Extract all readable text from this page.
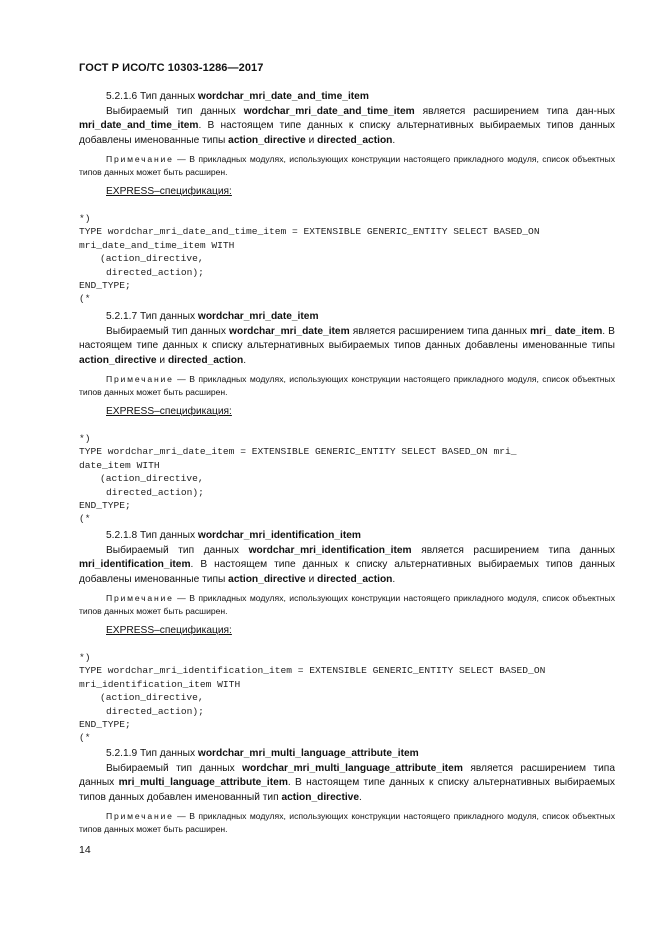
ГОСТ Р ИСО/ТС 10303-1286—2017

5.2.1.6 Тип данных wordchar_mri_date_and_time_item

Выбираемый тип данных wordchar_mri_date_and_time_item является расширением типа дан-ных mri_date_and_time_item. В настоящем типе данных к списку альтернативных выбираемых типов данных добавлены именованные типы action_directive и directed_action.

Примечание — В прикладных модулях, использующих конструкции настоящего прикладного модуля, список объектных типов данных может быть расширен.

EXPRESS–спецификация:

*)

TYPE wordchar_mri_date_and_time_item = EXTENSIBLE GENERIC_ENTITY SELECT BASED_ON

mri_date_and_time_item WITH

(action_directive,

directed_action);

END_TYPE;

(*

5.2.1.7 Тип данных wordchar_mri_date_item

Выбираемый тип данных wordchar_mri_date_item является расширением типа данных mri_ date_item. В настоящем типе данных к списку альтернативных выбираемых типов данных добавлены именованные типы action_directive и directed_action.

Примечание — В прикладных модулях, использующих конструкции настоящего прикладного модуля, список объектных типов данных может быть расширен.

EXPRESS–спецификация:

*)

TYPE wordchar_mri_date_item = EXTENSIBLE GENERIC_ENTITY SELECT BASED_ON mri_

date_item WITH

(action_directive,

directed_action);

END_TYPE;

(*

5.2.1.8 Тип данных wordchar_mri_identification_item

Выбираемый тип данных wordchar_mri_identification_item является расширением типа данных mri_identification_item. В настоящем типе данных к списку альтернативных выбираемых типов данных добавлены именованные типы action_directive и directed_action.

Примечание — В прикладных модулях, использующих конструкции настоящего прикладного модуля, список объектных типов данных может быть расширен.

EXPRESS–спецификация:

*)

TYPE wordchar_mri_identification_item = EXTENSIBLE GENERIC_ENTITY SELECT BASED_ON

mri_identification_item WITH

(action_directive,

directed_action);

END_TYPE;

(*

5.2.1.9 Тип данных wordchar_mri_multi_language_attribute_item

Выбираемый тип данных wordchar_mri_multi_language_attribute_item является расширением типа данных mri_multi_language_attribute_item. В настоящем типе данных к списку альтернативных выбираемых типов данных добавлен именованный тип action_directive.

Примечание — В прикладных модулях, использующих конструкции настоящего прикладного модуля, список объектных типов данных может быть расширен.

14
